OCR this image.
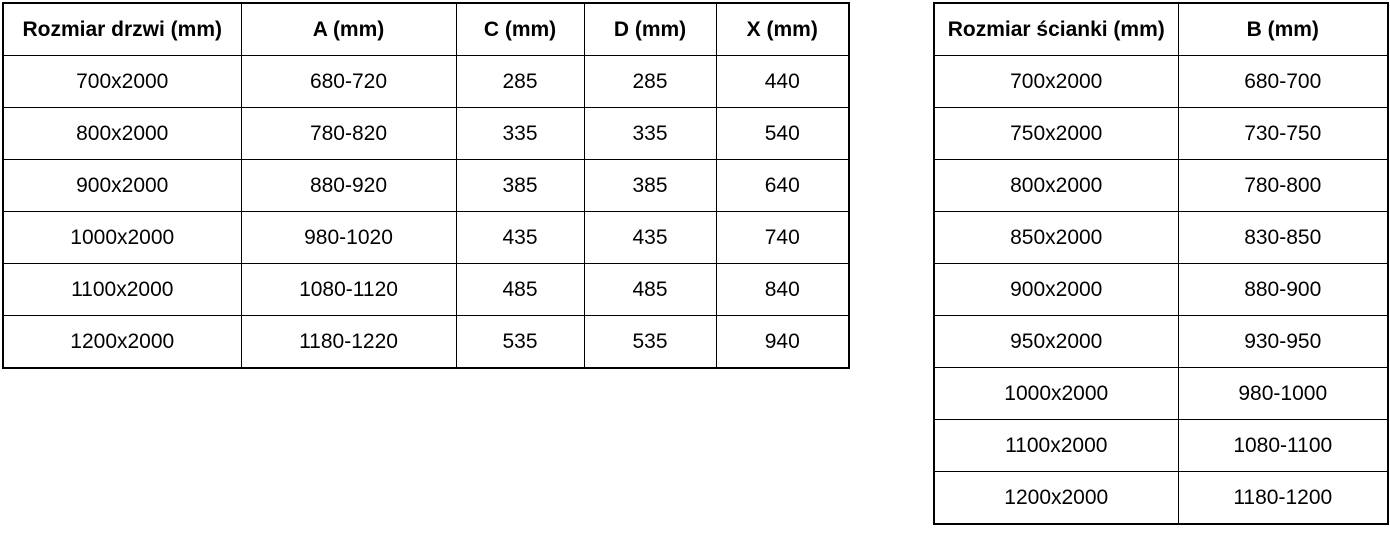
Rozmiar drzwi (mm)	A (mm)	C (mm)	D (mm)	X (mm)
700x2000	680-720	285	285	440
800x2000	780-820	335	335	540
900x2000	880-920	385	385	640
1000x2000	980-1020	435	435	740
1100x2000	1080-1120	485	485	840
1200x2000	1180-1220	535	535	940
Rozmiar ścianki (mm)	B (mm)
700x2000	680-700
750x2000	730-750
800x2000	780-800
850x2000	830-850
900x2000	880-900
950x2000	930-950
1000x2000	980-1000
1100x2000	1080-1100
1200x2000	1180-1200
